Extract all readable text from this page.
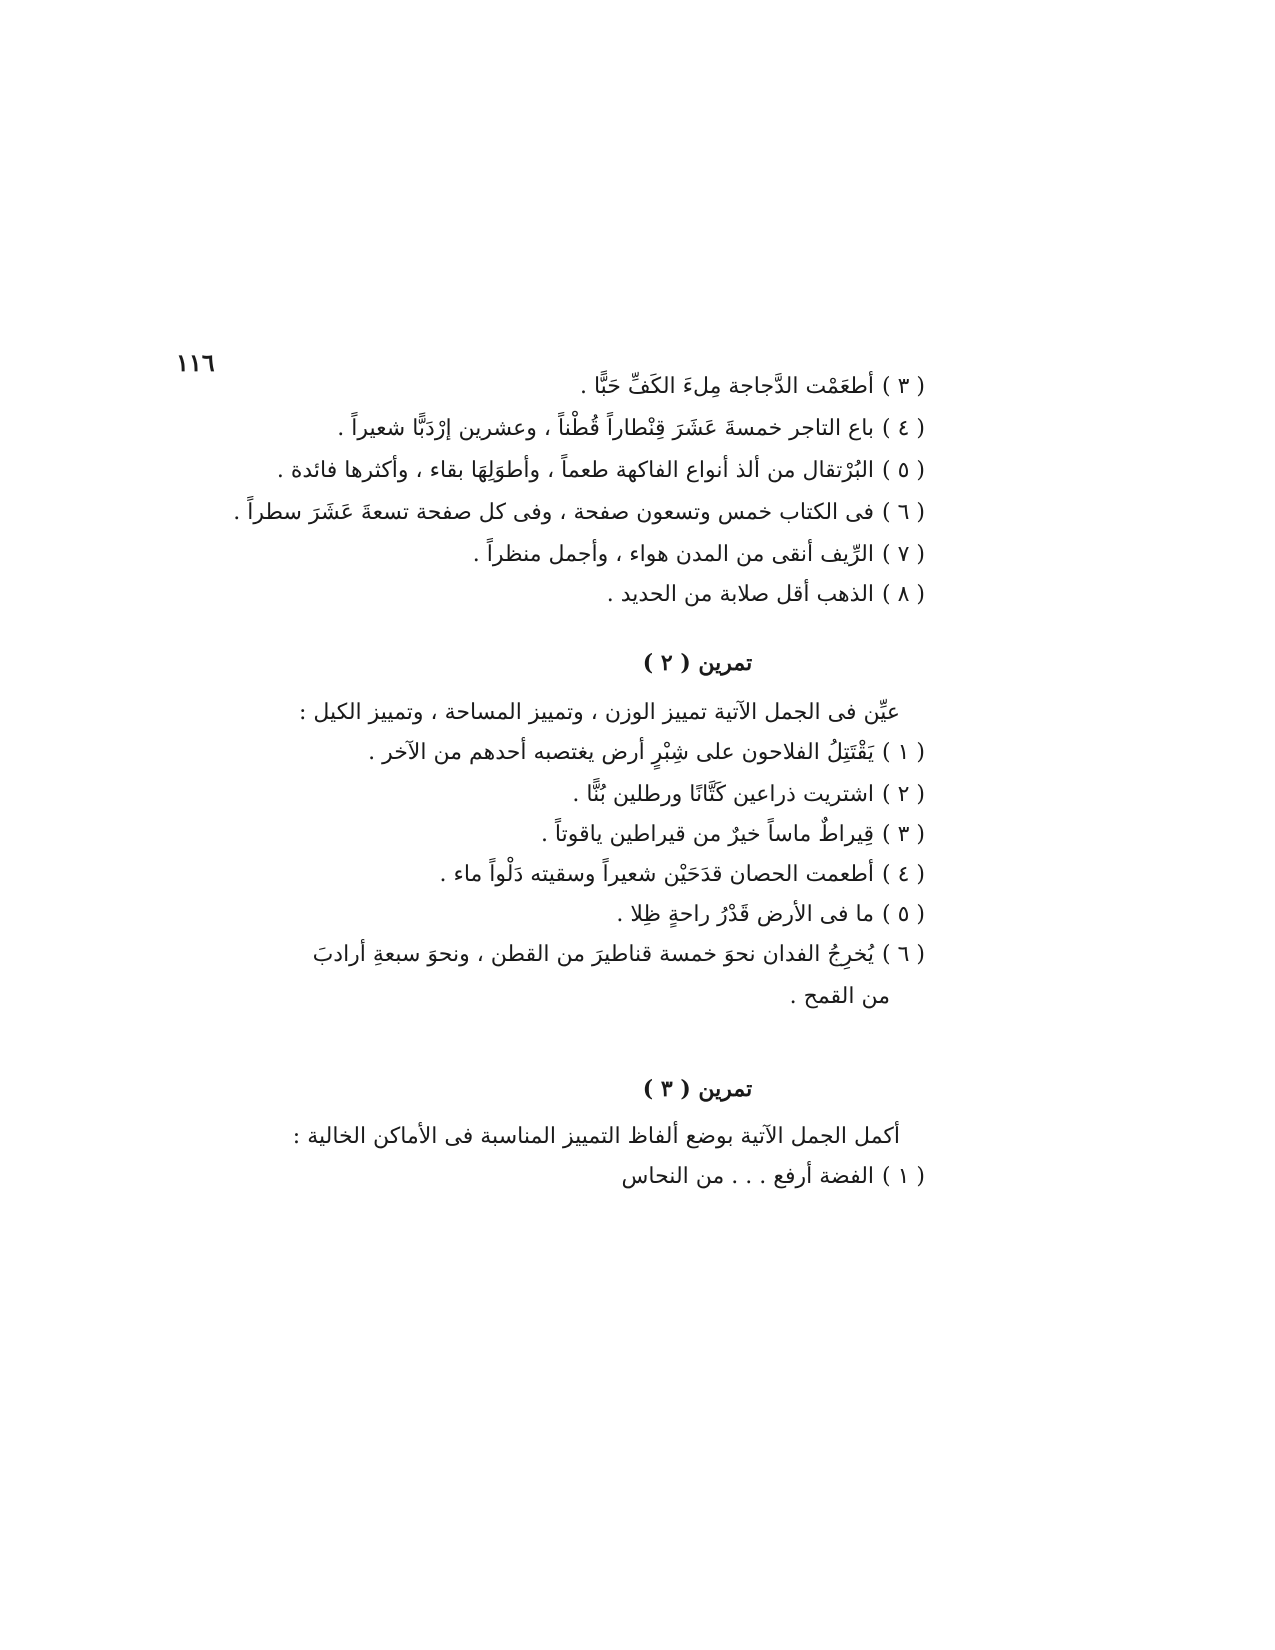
١١٦
( ٣ )أطعَمْت الدَّجاجة مِلءَ الكَفِّ حَبًّا .
( ٤ )باع التاجر خمسةَ عَشَرَ قِنْطاراً قُطْناً ، وعشرين إرْدَبًّا شعيراً .
( ٥ )البُرْتقال من ألذ أنواع الفاكهة طعماً ، وأطوَلِهَا بقاء ، وأكثرها فائدة .
( ٦ )فى الكتاب خمس وتسعون صفحة ، وفى كل صفحة تسعةَ عَشَرَ سطراً .
( ٧ )الرِّيف أنقى من المدن هواء ، وأجمل منظراً .
( ٨ )الذهب أقل صلابة من الحديد .
تمرين ( ٢ )
عيِّن فى الجمل الآتية تمييز الوزن ، وتمييز المساحة ، وتمييز الكيل :
( ١ )يَقْتَتِلُ الفلاحون على شِبْرٍ أرض يغتصبه أحدهم من الآخر .
( ٢ )اشتريت ذراعين كَتَّانًا ورطلين بُنًّا .
( ٣ )قِيراطٌ ماساً خيرٌ من قيراطين ياقوتاً .
( ٤ )أطعمت الحصان قدَحَيْن شعيراً وسقيته دَلْواً ماء .
( ٥ )ما فى الأرض قَدْرُ راحةٍ ظِلا .
( ٦ )يُخرِجُ الفدان نحوَ خمسة قناطيرَ من القطن ، ونحوَ سبعةِ أرادبَ
من القمح .
تمرين ( ٣ )
أكمل الجمل الآتية بوضع ألفاظ التمييز المناسبة فى الأماكن الخالية :
( ١ )الفضة أرفع . . . من النحاس
